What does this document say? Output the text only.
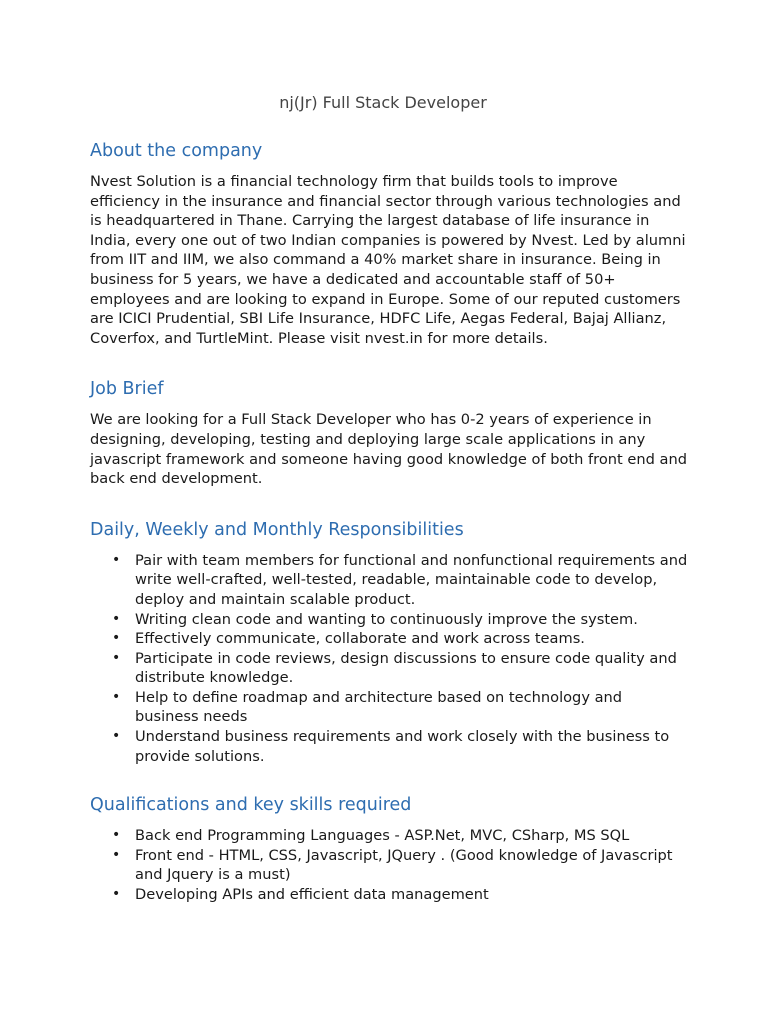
nj(Jr) Full Stack Developer
About the company

Nvest Solution is a financial technology firm that builds tools to improve efficiency in the insurance and financial sector through various technologies and is headquartered in Thane. Carrying the largest database of life insurance in India, every one out of two Indian companies is powered by Nvest. Led by alumni from IIT and IIM, we also command a 40% market share in insurance. Being in business for 5 years, we have a dedicated and accountable staff of 50+ employees and are looking to expand in Europe. Some of our reputed customers are ICICI Prudential, SBI Life Insurance, HDFC Life, Aegas Federal, Bajaj Allianz, Coverfox, and TurtleMint. Please visit nvest.in for more details.

Job Brief

We are looking for a Full Stack Developer who has 0-2 years of experience in designing, developing, testing and deploying large scale applications in any javascript framework and someone having good knowledge of both front end and back end development.

Daily, Weekly and Monthly Responsibilities
• Pair with team members for functional and nonfunctional requirements and write well-crafted, well-tested, readable, maintainable code to develop, deploy and maintain scalable product.
• Writing clean code and wanting to continuously improve the system.
• Effectively communicate, collaborate and work across teams.
• Participate in code reviews, design discussions to ensure code quality and distribute knowledge.
• Help to define roadmap and architecture based on technology and business needs
• Understand business requirements and work closely with the business to provide solutions.
Qualifications and key skills required
• Back end Programming Languages - ASP.Net, MVC, CSharp, MS SQL
• Front end - HTML, CSS, Javascript, JQuery . (Good knowledge of Javascript and Jquery is a must)
• Developing APIs and efficient data management
